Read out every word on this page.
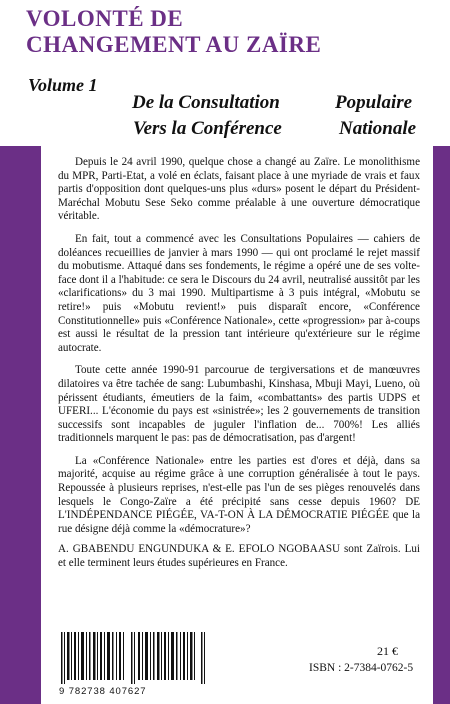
VOLONTÉ DE
CHANGEMENT AU ZAÏRE
Volume 1
De la Consultation	Populaire
Vers la Conférence	Nationale

Depuis le 24 avril 1990, quelque chose a changé au Zaïre. Le monolithisme du MPR, Parti-Etat, a volé en éclats, faisant place à une myriade de vrais et faux partis d'opposition dont quelques-uns plus «durs» posent le départ du Président-Maréchal Mobutu Sese Seko comme préalable à une ouverture démocratique véritable.

En fait, tout a commencé avec les Consultations Populaires — cahiers de doléances recueillies de janvier à mars 1990 — qui ont proclamé le rejet massif du mobutisme. Attaqué dans ses fondements, le régime a opéré une de ses volte-face dont il a l'habitude: ce sera le Discours du 24 avril, neutralisé aussitôt par les «clarifications» du 3 mai 1990. Multipartisme à 3 puis intégral, «Mobutu se retire!» puis «Mobutu revient!» puis disparaît encore, «Conférence Constitutionnelle» puis «Conférence Nationale», cette «progression» par à-coups est aussi le résultat de la pression tant intérieure qu'extérieure sur le régime autocrate.

Toute cette année 1990-91 parcourue de tergiversations et de manœuvres dilatoires va être tachée de sang: Lubumbashi, Kinshasa, Mbuji Mayi, Lueno, où périssent étudiants, émeutiers de la faim, «combattants» des partis UDPS et UFERI... L'économie du pays est «sinistrée»; les 2 gouvernements de transition successifs sont incapables de juguler l'inflation de... 700%! Les alliés traditionnels marquent le pas: pas de démocratisation, pas d'argent!

La «Conférence Nationale» entre les parties est d'ores et déjà, dans sa majorité, acquise au régime grâce à une corruption généralisée à tout le pays. Repoussée à plusieurs reprises, n'est-elle pas l'un de ses pièges renouvelés dans lesquels le Congo-Zaïre a été précipité sans cesse depuis 1960? DE L'INDÉPENDANCE PIÉGÉE, VA-T-ON À LA DÉMOCRATIE PIÉGÉE que la rue désigne déjà comme la «démocrature»?

A. GBABENDU ENGUNDUKA & E. EFOLO NGOBAASU sont Zaïrois. Lui et elle terminent leurs études supérieures en France.

9 782738 407627
21 €
ISBN : 2-7384-0762-5
